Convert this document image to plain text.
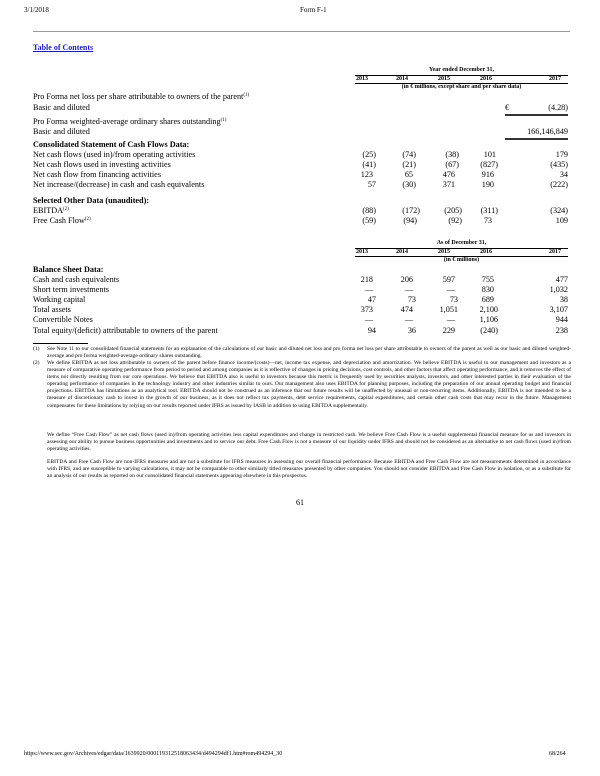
3/1/2018	Form F-1
Table of Contents
Year ended December 31,
2013	2014	2015	2016	2017
(in € millions, except share and per share data)
Pro Forma net loss per share attributable to owners of the parent$^{(1)}$
Basic and diluted	€	(4.28)
Pro Forma weighted-average ordinary shares outstanding$^{(1)}$
Basic and diluted	166,146,849
Consolidated Statement of Cash Flows Data:
Net cash flows (used in)/from operating activities	(25)	(74)	(38)	101	179
Net cash flows used in investing activities	(41)	(21)	(67)	(827)	(435)
Net cash flow from financing activities	123	65	476	916	34
Net increase/(decrease) in cash and cash equivalents	57	(30)	371	190	(222)
Selected Other Data (unaudited):
EBITDA$^{(2)}$	(88)	(172)	(205)	(311)	(324)
Free Cash Flow$^{(2)}$	(59)	(94)	(92)	73	109
As of December 31,
2013	2014	2015	2016	2017
(in € millions)
Balance Sheet Data:
Cash and cash equivalents	218	206	597	755	477
Short term investments	—	—	—	830	1,032
Working capital	47	73	73	689	38
Total assets	373	474	1,051	2,100	3,107
Convertible Notes	—	—	—	1,106	944
Total equity/(deficit) attributable to owners of the parent	94	36	229	(240)	238
(1) See Note 11 to our consolidated financial statements for an explanation of the calculations of our basic and diluted net loss and pro forma net loss per share attributable to owners of the parent as well as our basic and diluted weighted-average and pro forma weighted-average ordinary shares outstanding.
(2) We define EBITDA as net loss attributable to owners of the parent before finance income/(costs)—net, income tax expense, and depreciation and amortization. We believe EBITDA is useful to our management and investors as a measure of comparative operating performance from period to period and among companies as it is reflective of changes in pricing decisions, cost controls, and other factors that affect operating performance, and it removes the effect of items not directly resulting from our core operations. We believe that EBITDA also is useful to investors because this metric is frequently used by securities analysts, investors, and other interested parties in their evaluation of the operating performance of companies in the technology industry and other industries similar to ours. Our management also uses EBITDA for planning purposes, including the preparation of our annual operating budget and financial projections. EBITDA has limitations as an analytical tool. EBITDA should not be construed as an inference that our future results will be unaffected by unusual or non-recurring items. Additionally, EBITDA is not intended to be a measure of discretionary cash to invest in the growth of our business, as it does not reflect tax payments, debt service requirements, capital expenditures, and certain other cash costs that may recur in the future. Management compensates for these limitations by relying on our results reported under IFRS as issued by IASB in addition to using EBITDA supplementally.
We define “Free Cash Flow” as net cash flows (used in)/from operating activities less capital expenditures and change in restricted cash. We believe Free Cash Flow is a useful supplemental financial measure for us and investors in assessing our ability to pursue business opportunities and investments and to service our debt. Free Cash Flow is not a measure of our liquidity under IFRS and should not be considered as an alternative to net cash flows (used in)/from operating activities.
EBITDA and Free Cash Flow are non-IFRS measures and are not a substitute for IFRS measures in assessing our overall financial performance. Because EBITDA and Free Cash Flow are not measurements determined in accordance with IFRS, and are susceptible to varying calculations, it may not be comparable to other similarly titled measures presented by other companies. You should not consider EBITDA and Free Cash Flow in isolation, or as a substitute for an analysis of our results as reported on our consolidated financial statements appearing elsewhere in this prospectus.
61
https://www.sec.gov/Archives/edgar/data/1639920/000119312518063434/d494294df1.htm#rom494294_30	68/264
